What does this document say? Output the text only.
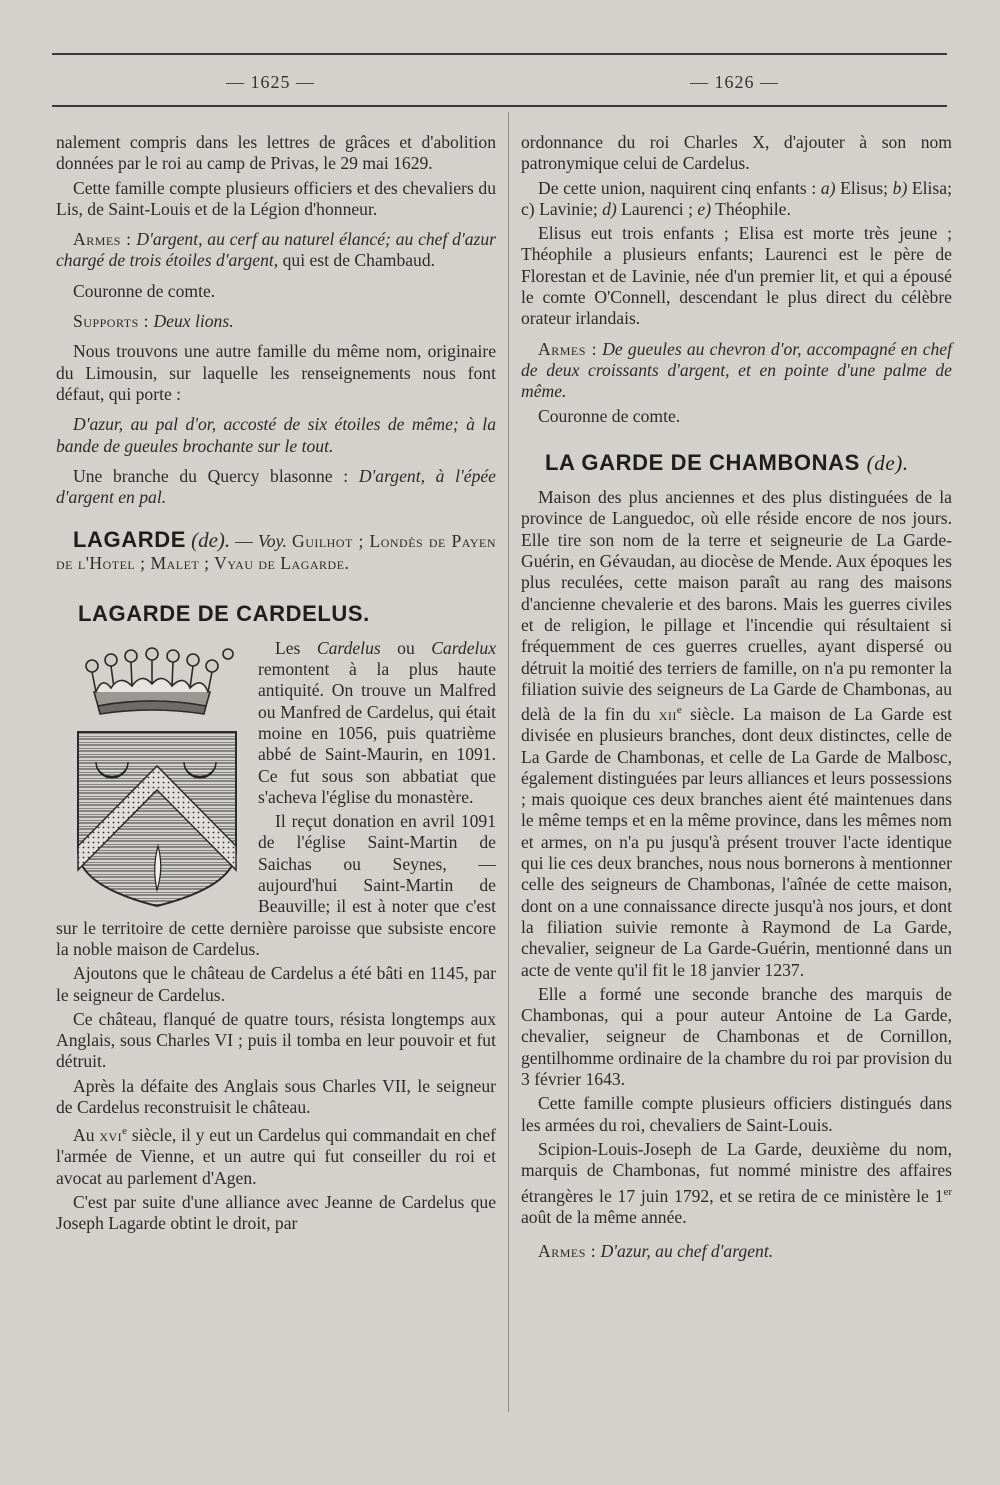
— 1625 —	— 1626 —

nalement compris dans les lettres de grâces et d'abolition données par le roi au camp de Privas, le 29 mai 1629.

Cette famille compte plusieurs officiers et des chevaliers du Lis, de Saint-Louis et de la Légion d'honneur.

Armes : D'argent, au cerf au naturel élancé; au chef d'azur chargé de trois étoiles d'argent, qui est de Chambaud.

Couronne de comte.

Supports : Deux lions.

Nous trouvons une autre famille du même nom, originaire du Limousin, sur laquelle les renseignements nous font défaut, qui porte :

D'azur, au pal d'or, accosté de six étoiles de même; à la bande de gueules brochante sur le tout.

Une branche du Quercy blasonne : D'argent, à l'épée d'argent en pal.

LAGARDE (de). — Voy. Guilhot ; Londès de Payen de l'Hotel ; Malet ; Vyau de Lagarde.

LAGARDE DE CARDELUS.

Les Cardelus ou Cardelux remontent à la plus haute antiquité. On trouve un Malfred ou Manfred de Cardelus, qui était moine en 1056, puis quatrième abbé de Saint-Maurin, en 1091. Ce fut sous son abbatiat que s'acheva l'église du monastère.

Il reçut donation en avril 1091 de l'église Saint-Martin de Saichas ou Seynes, — aujourd'hui Saint-Martin de Beauville; il est à noter que c'est sur le territoire de cette dernière paroisse que subsiste encore la noble maison de Cardelus.

Ajoutons que le château de Cardelus a été bâti en 1145, par le seigneur de Cardelus.

Ce château, flanqué de quatre tours, résista longtemps aux Anglais, sous Charles VI ; puis il tomba en leur pouvoir et fut détruit.

Après la défaite des Anglais sous Charles VII, le seigneur de Cardelus reconstruisit le château.

Au xvi$^e$ siècle, il y eut un Cardelus qui commandait en chef l'armée de Vienne, et un autre qui fut conseiller du roi et avocat au parlement d'Agen.

C'est par suite d'une alliance avec Jeanne de Cardelus que Joseph Lagarde obtint le droit, par

ordonnance du roi Charles X, d'ajouter à son nom patronymique celui de Cardelus.

De cette union, naquirent cinq enfants : a) Elisus; b) Elisa; c) Lavinie; d) Laurenci ; e) Théophile.

Elisus eut trois enfants ; Elisa est morte très jeune ; Théophile a plusieurs enfants; Laurenci est le père de Florestan et de Lavinie, née d'un premier lit, et qui a épousé le comte O'Connell, descendant le plus direct du célèbre orateur irlandais.

Armes : De gueules au chevron d'or, accompagné en chef de deux croissants d'argent, et en pointe d'une palme de même.

Couronne de comte.

LA GARDE DE CHAMBONAS (de).

Maison des plus anciennes et des plus distinguées de la province de Languedoc, où elle réside encore de nos jours. Elle tire son nom de la terre et seigneurie de La Garde-Guérin, en Gévaudan, au diocèse de Mende. Aux époques les plus reculées, cette maison paraît au rang des maisons d'ancienne chevalerie et des barons. Mais les guerres civiles et de religion, le pillage et l'incendie qui résultaient si fréquemment de ces guerres cruelles, ayant dispersé ou détruit la moitié des terriers de famille, on n'a pu remonter la filiation suivie des seigneurs de La Garde de Chambonas, au delà de la fin du xii$^e$ siècle. La maison de La Garde est divisée en plusieurs branches, dont deux distinctes, celle de La Garde de Chambonas, et celle de La Garde de Malbosc, également distinguées par leurs alliances et leurs possessions ; mais quoique ces deux branches aient été maintenues dans le même temps et en la même province, dans les mêmes nom et armes, on n'a pu jusqu'à présent trouver l'acte identique qui lie ces deux branches, nous nous bornerons à mentionner celle des seigneurs de Chambonas, l'aînée de cette maison, dont on a une connaissance directe jusqu'à nos jours, et dont la filiation suivie remonte à Raymond de La Garde, chevalier, seigneur de La Garde-Guérin, mentionné dans un acte de vente qu'il fit le 18 janvier 1237.

Elle a formé une seconde branche des marquis de Chambonas, qui a pour auteur Antoine de La Garde, chevalier, seigneur de Chambonas et de Cornillon, gentilhomme ordinaire de la chambre du roi par provision du 3 février 1643.

Cette famille compte plusieurs officiers distingués dans les armées du roi, chevaliers de Saint-Louis.

Scipion-Louis-Joseph de La Garde, deuxième du nom, marquis de Chambonas, fut nommé ministre des affaires étrangères le 17 juin 1792, et se retira de ce ministère le 1er août de la même année.

Armes : D'azur, au chef d'argent.
